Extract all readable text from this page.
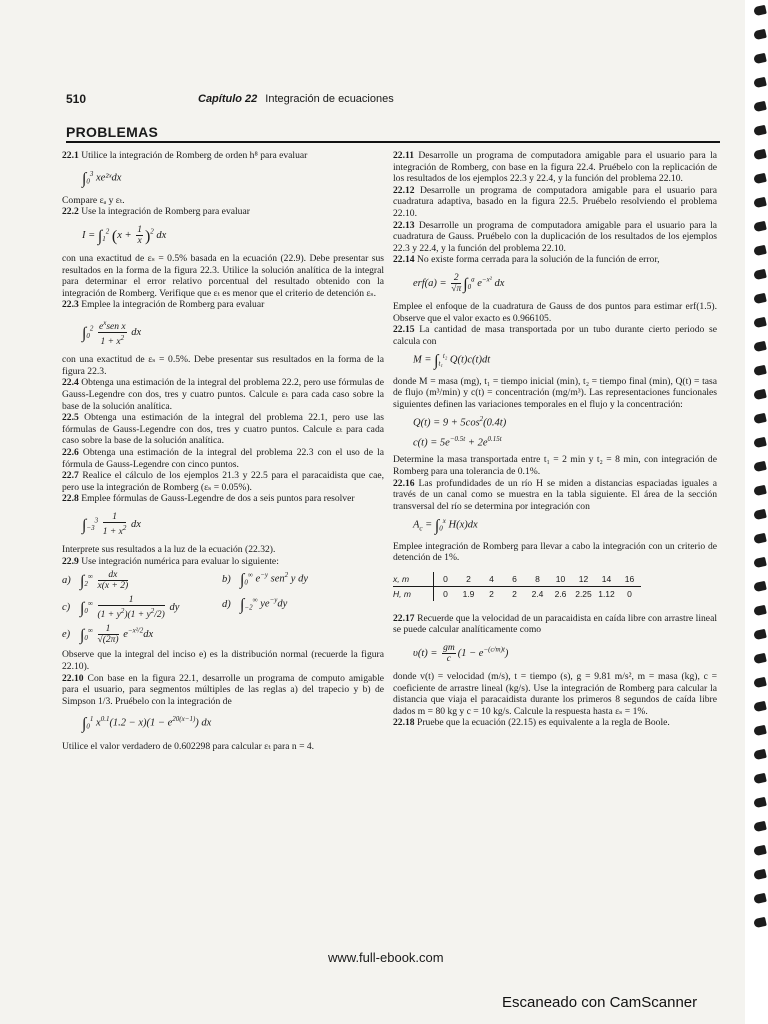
510	Capítulo 22 Integración de ecuaciones
PROBLEMAS

22.1 Utilice la integración de Romberg de orden h⁸ para evaluar

$\int_0^3$ xe²ˣdx

Compare εₐ y εₜ.

22.2 Use la integración de Romberg para evaluar

$I = \int_1^2$ $(x + \frac{1}{x} )^2$ dx

con una exactitud de εₛ = 0.5% basada en la ecuación (22.9). Debe presentar sus resultados en la forma de la figura 22.3. Utilice la solución analítica de la integral para determinar el error relativo porcentual del resultado obtenido con la integración de Romberg. Verifique que εₜ es menor que el criterio de detención εₛ.

22.3 Emplee la integración de Romberg para evaluar

$\int_0^2 \frac{e^xsen x}{1 + x^2}$ dx

con una exactitud de εₛ = 0.5%. Debe presentar sus resultados en la forma de la figura 22.3.

22.4 Obtenga una estimación de la integral del problema 22.2, pero use fórmulas de Gauss-Legendre con dos, tres y cuatro puntos. Calcule εₜ para cada caso sobre la base de la solución analítica.

22.5 Obtenga una estimación de la integral del problema 22.1, pero use las fórmulas de Gauss-Legendre con dos, tres y cuatro puntos. Calcule εₜ para cada caso sobre la base de la solución analítica.

22.6 Obtenga una estimación de la integral del problema 22.3 con el uso de la fórmula de Gauss-Legendre con cinco puntos.

22.7 Realice el cálculo de los ejemplos 21.3 y 22.5 para el paracaidista que cae, pero use la integración de Romberg (εₛ = 0.05%).

22.8 Emplee fórmulas de Gauss-Legendre de dos a seis puntos para resolver

$\int_{-3}^3 \frac{1}{1 + x^2}$ dx

Interprete sus resultados a la luz de la ecuación (22.32).

22.9 Use integración numérica para evaluar lo siguiente:

a) $\int_2^\infty \frac{dx}{x(x + 2)}$	b) $\int_0^\infty$ $e^{-y}$ sen$^2$ y dy
c) $\int_0^\infty \frac{1}{(1 + y^2)(1 + y^2/2)}$ dy	d) $\int_{-2}^\infty$ $ye^{-y}dy$
e) $\int_0^\infty \frac{1}{√(2\pi)} e^{-x^2/2}dx$

Observe que la integral del inciso e) es la distribución normal (recuerde la figura 22.10).

22.10 Con base en la figura 22.1, desarrolle un programa de computo amigable para el usuario, para segmentos múltiples de las reglas a) del trapecio y b) de Simpson 1/3. Pruébelo con la integración de

$\int_0^1$ $x^{0.1}(1.2 - x)(1 - e^{20(x-1)})$ dx

Utilice el valor verdadero de 0.602298 para calcular εₜ para n = 4.

22.11 Desarrolle un programa de computadora amigable para el usuario para la integración de Romberg, con base en la figura 22.4. Pruébelo con la replicación de los resultados de los ejemplos 22.3 y 22.4, y la función del problema 22.10.

22.12 Desarrolle un programa de computadora amigable para el usuario para cuadratura adaptiva, basado en la figura 22.5. Pruébelo resolviendo el problema 22.10.

22.13 Desarrolle un programa de computadora amigable para el usuario para la cuadratura de Gauss. Pruébelo con la duplicación de los resultados de los ejemplos 22.3 y 22.4, y la función del problema 22.10.

22.14 No existe forma cerrada para la solución de la función de error,

$erf(a) = \frac{2}{√\pi} \int_0^a$ $e^{-x^2}$ dx

Emplee el enfoque de la cuadratura de Gauss de dos puntos para estimar erf(1.5). Observe que el valor exacto es 0.966105.

22.15 La cantidad de masa transportada por un tubo durante cierto periodo se calcula con

$M = \int_{t_1}^{t_2}$ Q(t)c(t)dt

donde M = masa (mg), t₁ = tiempo inicial (min), t₂ = tiempo final (min), Q(t) = tasa de flujo (m³/min) y c(t) = concentración (mg/m³). Las representaciones funcionales siguientes definen las variaciones temporales en el flujo y la concentración:

$Q(t) = 9 + 5\cos^2(0.4t)$
$c(t) = 5e^{-0.5t} + 2e^{0.15t}$

Determine la masa transportada entre t₁ = 2 min y t₂ = 8 min, con integración de Romberg para una tolerancia de 0.1%.

22.16 Las profundidades de un río H se miden a distancias espaciadas iguales a través de un canal como se muestra en la tabla siguiente. El área de la sección transversal del río se determina por integración con

$A_c = \int_0^x$ H(x)dx

Emplee integración de Romberg para llevar a cabo la integración con un criterio de detención de 1%.

x, m	0	2	4	6	8	10	12	14	16
H, m	0	1.9	2	2	2.4	2.6	2.25	1.12	0

22.17 Recuerde que la velocidad de un paracaidista en caída libre con arrastre lineal se puede calcular analíticamente como

$\upsilon(t) = \frac{gm}{c} (1 - e^{-(c/m)t})$

donde v(t) = velocidad (m/s), t = tiempo (s), g = 9.81 m/s², m = masa (kg), c = coeficiente de arrastre lineal (kg/s). Use la integración de Romberg para calcular la distancia que viaja el paracaidista durante los primeros 8 segundos de caída libre dados m = 80 kg y c = 10 kg/s. Calcule la respuesta hasta εₛ = 1%.

22.18 Pruebe que la ecuación (22.15) es equivalente a la regla de Boole.

www.full-ebook.com
Escaneado con CamScanner
